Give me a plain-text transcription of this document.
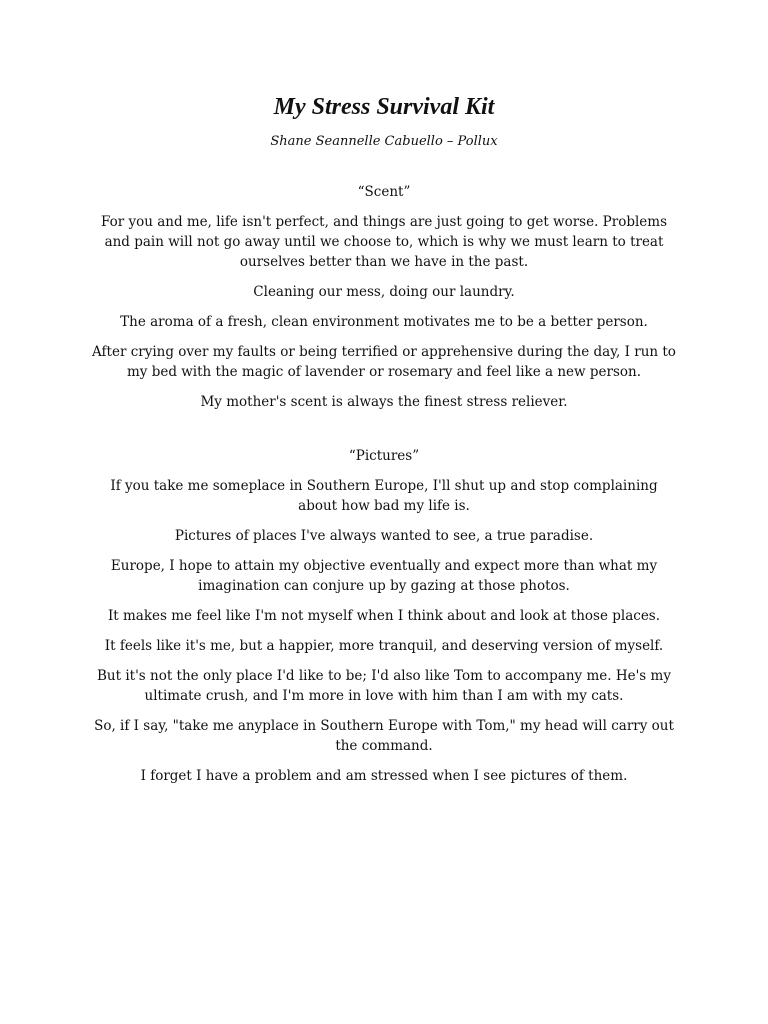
My Stress Survival Kit

Shane Seannelle Cabuello – Pollux

“Scent”

For you and me, life isn't perfect, and things are just going to get worse. Problems and pain will not go away until we choose to, which is why we must learn to treat ourselves better than we have in the past.

Cleaning our mess, doing our laundry.

The aroma of a fresh, clean environment motivates me to be a better person.

After crying over my faults or being terrified or apprehensive during the day, I run to my bed with the magic of lavender or rosemary and feel like a new person.

My mother's scent is always the finest stress reliever.

“Pictures”

If you take me someplace in Southern Europe, I'll shut up and stop complaining about how bad my life is.

Pictures of places I've always wanted to see, a true paradise.

Europe, I hope to attain my objective eventually and expect more than what my imagination can conjure up by gazing at those photos.

It makes me feel like I'm not myself when I think about and look at those places.

It feels like it's me, but a happier, more tranquil, and deserving version of myself.

But it's not the only place I'd like to be; I'd also like Tom to accompany me. He's my ultimate crush, and I'm more in love with him than I am with my cats.

So, if I say, "take me anyplace in Southern Europe with Tom," my head will carry out the command.

I forget I have a problem and am stressed when I see pictures of them.
